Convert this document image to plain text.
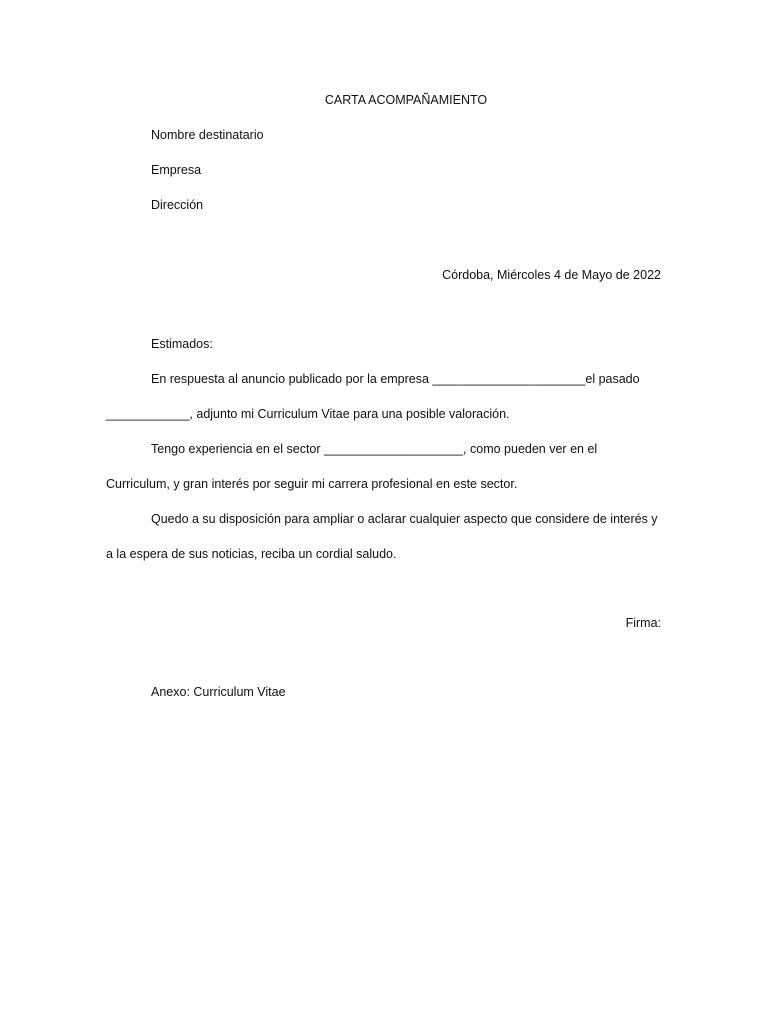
CARTA ACOMPAÑAMIENTO
Nombre destinatario
Empresa
Dirección
Córdoba, Miércoles 4 de Mayo de 2022
Estimados:
En respuesta al anuncio publicado por la empresa ______________________el pasado
____________, adjunto mi Curriculum Vitae para una posible valoración.
Tengo experiencia en el sector ____________________, como pueden ver en el
Curriculum, y gran interés por seguir mi carrera profesional en este sector.
Quedo a su disposición para ampliar o aclarar cualquier aspecto que considere de interés y
a la espera de sus noticias, reciba un cordial saludo.
Firma:
Anexo: Curriculum Vitae
